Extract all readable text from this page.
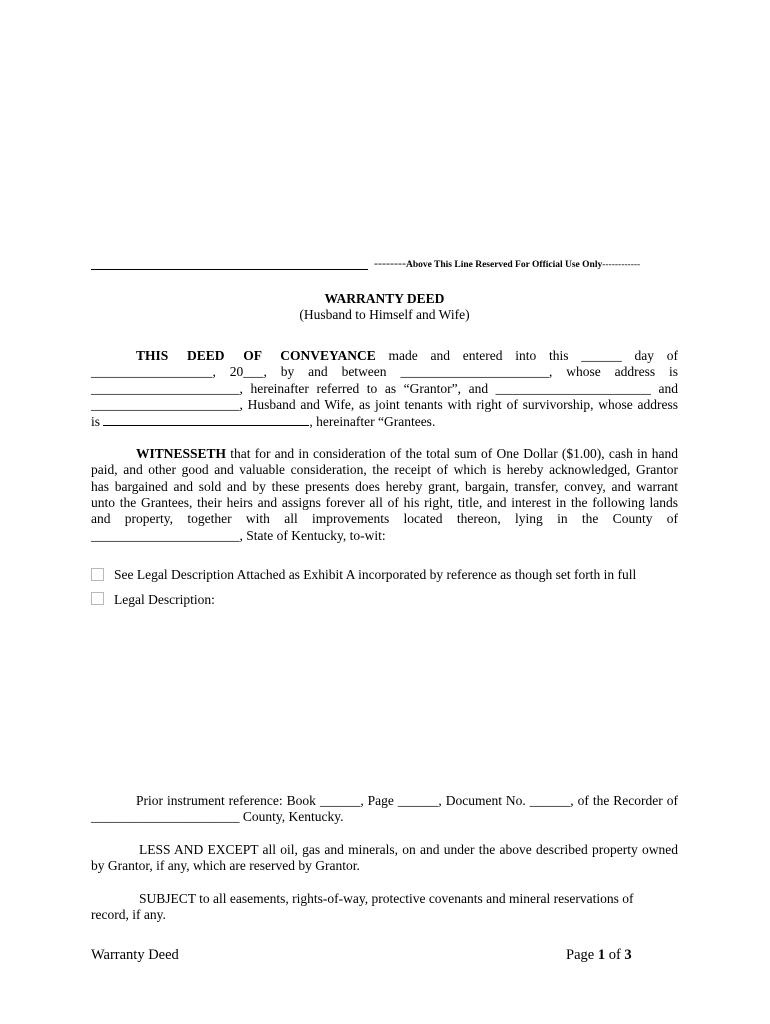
--------Above This Line Reserved For Official Use Only------------
WARRANTY DEED
(Husband to Himself and Wife)
THIS DEED OF CONVEYANCE made and entered into this ______ day of
__________________, 20___, by and between ______________________, whose address is
______________________, hereinafter referred to as “Grantor”, and _______________________ and
______________________, Husband and Wife, as joint tenants with right of survivorship, whose address
is	, hereinafter “Grantees.
WITNESSETH that for and in consideration of the total sum of One Dollar ($1.00), cash in hand
paid, and other good and valuable consideration, the receipt of which is hereby acknowledged, Grantor
has bargained and sold and by these presents does hereby grant, bargain, transfer, convey, and warrant
unto the Grantees, their heirs and assigns forever all of his right, title, and interest in the following lands
and property, together with all improvements located thereon, lying in the County of
______________________, State of Kentucky, to-wit:
See Legal Description Attached as Exhibit A incorporated by reference as though set forth in full
Legal Description:
Prior instrument reference: Book ______, Page ______, Document No. ______, of the Recorder of
______________________ County, Kentucky.
LESS AND EXCEPT all oil, gas and minerals, on and under the above described property owned
by Grantor, if any, which are reserved by Grantor.
SUBJECT to all easements, rights-of-way, protective covenants and mineral reservations of
record, if any.
Warranty Deed	Page 1 of 3
